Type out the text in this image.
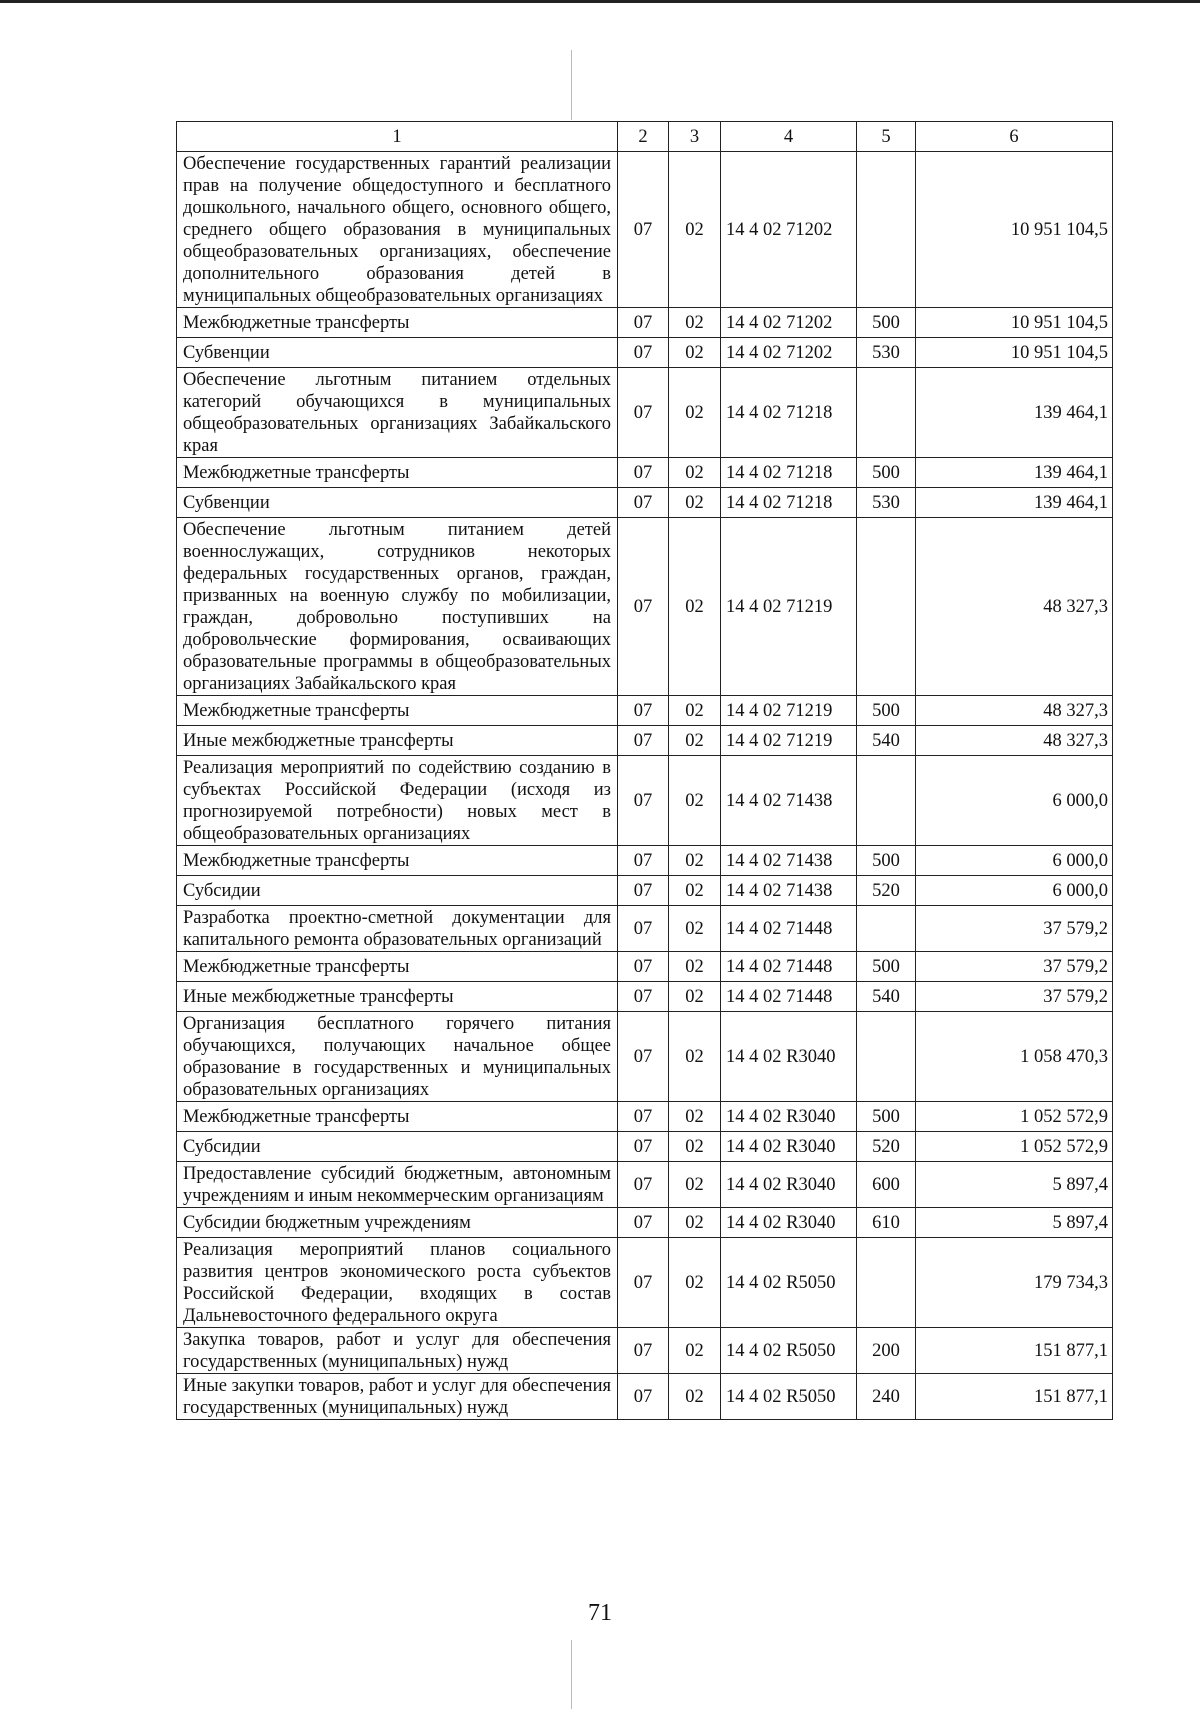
1	2	3	4	5	6
Обеспечение государственных гарантий реализации прав на получение общедоступного и бесплатного дошкольного, начального общего, основного общего, среднего общего образования в муниципальных общеобразовательных организациях, обеспечение дополнительного образования детей в муниципальных общеобразовательных организациях	07	02	14 4 02 71202		10 951 104,5
Межбюджетные трансферты	07	02	14 4 02 71202	500	10 951 104,5
Субвенции	07	02	14 4 02 71202	530	10 951 104,5
Обеспечение льготным питанием отдельных категорий обучающихся в муниципальных общеобразовательных организациях Забайкальского края	07	02	14 4 02 71218		139 464,1
Межбюджетные трансферты	07	02	14 4 02 71218	500	139 464,1
Субвенции	07	02	14 4 02 71218	530	139 464,1
Обеспечение льготным питанием детей военнослужащих, сотрудников некоторых федеральных государственных органов, граждан, призванных на военную службу по мобилизации, граждан, добровольно поступивших на добровольческие формирования, осваивающих образовательные программы в общеобразовательных организациях Забайкальского края	07	02	14 4 02 71219		48 327,3
Межбюджетные трансферты	07	02	14 4 02 71219	500	48 327,3
Иные межбюджетные трансферты	07	02	14 4 02 71219	540	48 327,3
Реализация мероприятий по содействию созданию в субъектах Российской Федерации (исходя из прогнозируемой потребности) новых мест в общеобразовательных организациях	07	02	14 4 02 71438		6 000,0
Межбюджетные трансферты	07	02	14 4 02 71438	500	6 000,0
Субсидии	07	02	14 4 02 71438	520	6 000,0
Разработка проектно-сметной документации для капитального ремонта образовательных организаций	07	02	14 4 02 71448		37 579,2
Межбюджетные трансферты	07	02	14 4 02 71448	500	37 579,2
Иные межбюджетные трансферты	07	02	14 4 02 71448	540	37 579,2
Организация бесплатного горячего питания обучающихся, получающих начальное общее образование в государственных и муниципальных образовательных организациях	07	02	14 4 02 R3040		1 058 470,3
Межбюджетные трансферты	07	02	14 4 02 R3040	500	1 052 572,9
Субсидии	07	02	14 4 02 R3040	520	1 052 572,9
Предоставление субсидий бюджетным, автономным учреждениям и иным некоммерческим организациям	07	02	14 4 02 R3040	600	5 897,4
Субсидии бюджетным учреждениям	07	02	14 4 02 R3040	610	5 897,4
Реализация мероприятий планов социального развития центров экономического роста субъектов Российской Федерации, входящих в состав Дальневосточного федерального округа	07	02	14 4 02 R5050		179 734,3
Закупка товаров, работ и услуг для обеспечения государственных (муниципальных) нужд	07	02	14 4 02 R5050	200	151 877,1
Иные закупки товаров, работ и услуг для обеспечения государственных (муниципальных) нужд	07	02	14 4 02 R5050	240	151 877,1
71
